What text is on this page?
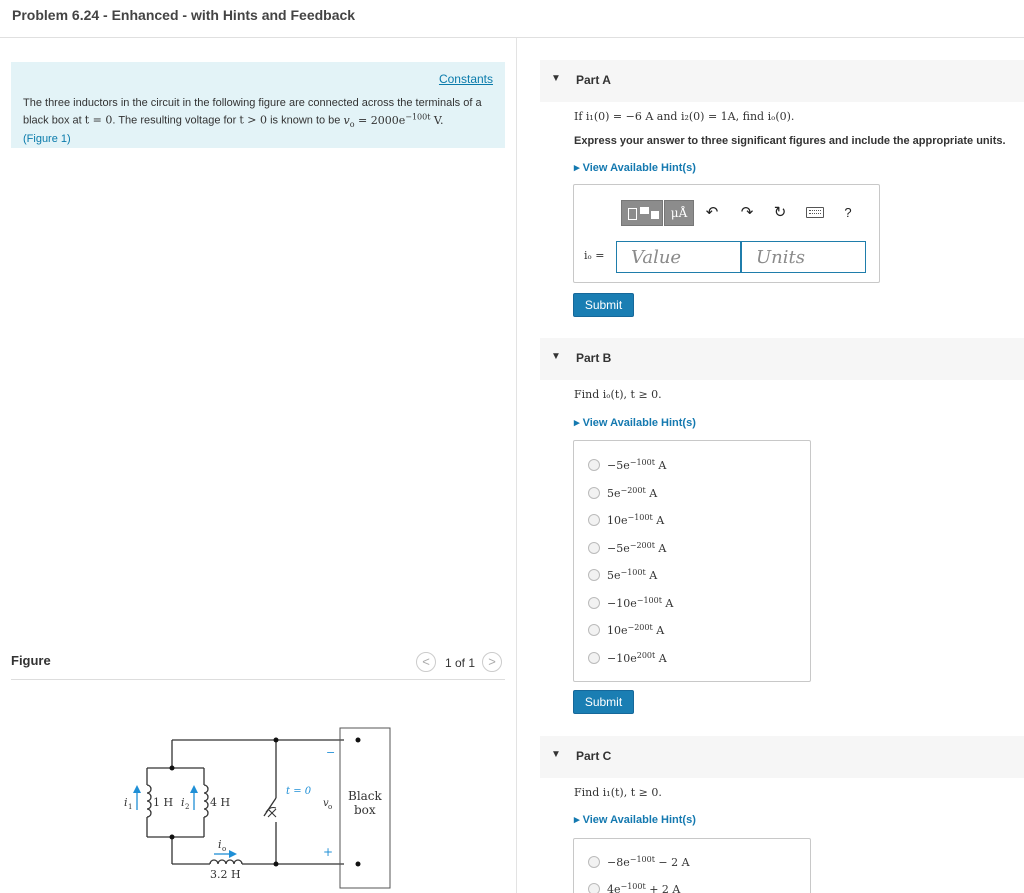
Problem 6.24 - Enhanced - with Hints and Feedback
Constants
The three inductors in the circuit in the following figure are connected across the terminals of a
black box at t = 0. The resulting voltage for t > 0 is known to be $v_o = 2000e^{-100t}$ V.
(Figure 1)
Figure	<	1 of 1	>
i 1 1 H i 2 4 H
i o
3.2 H
t = 0
v o
−
+
Black
box
▼ Part A
If i₁(0) = −6 A and i₂(0) = 1A, find iₒ(0).
Express your answer to three significant figures and include the appropriate units.
▸ View Available Hint(s)
μÅ	↶ ↷ ↻	?
iₒ =
Value
Units
Submit
▼ Part B
Find iₒ(t), t ≥ 0.
▸ View Available Hint(s)
$-5e^{-100t}$ A
$5e^{-200t}$ A
$10e^{-100t}$ A
$-5e^{-200t}$ A
$5e^{-100t}$ A
$-10e^{-100t}$ A
$10e^{-200t}$ A
$-10e^{200t}$ A
Submit
▼ Part C
Find i₁(t), t ≥ 0.
▸ View Available Hint(s)
$-8e^{-100t} - 2$ A
$4e^{-100t} + 2$ A
